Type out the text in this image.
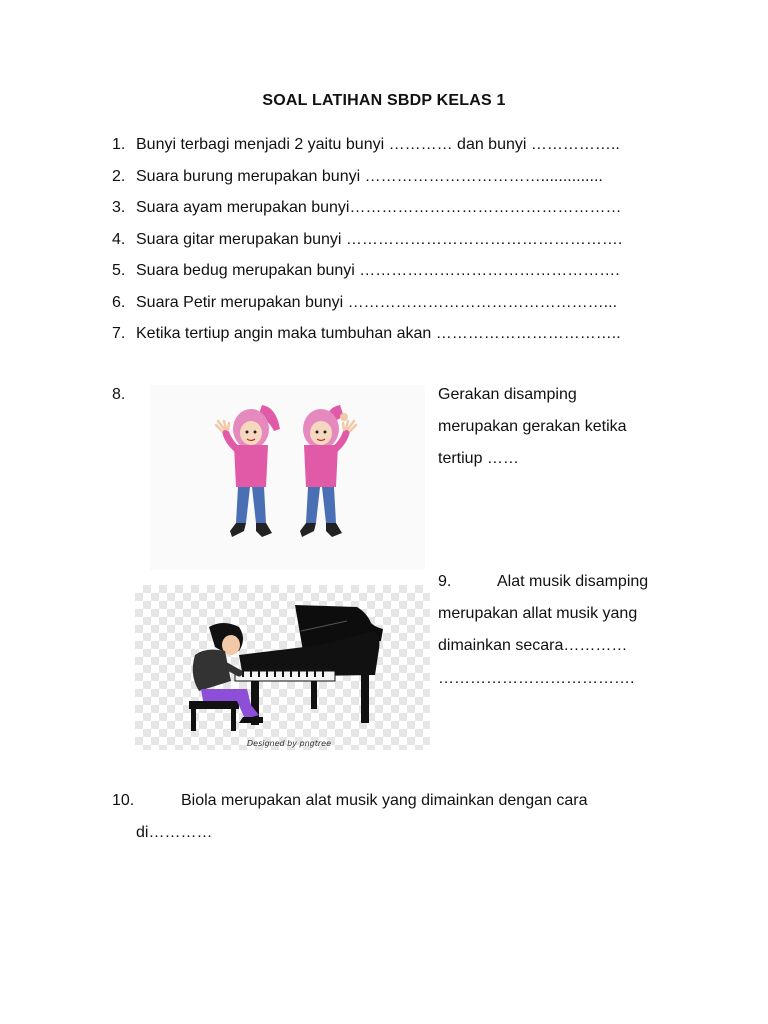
SOAL LATIHAN SBDP KELAS 1
1. Bunyi terbagi menjadi 2 yaitu bunyi ………… dan bunyi ……………..
2. Suara burung merupakan bunyi ……………………………..............
3. Suara ayam merupakan bunyi……………………………………………
4. Suara gitar merupakan bunyi …………………………………………….
5. Suara bedug merupakan bunyi ………………………………………….
6. Suara Petir merupakan bunyi …………………………………………...
7. Ketika tertiup angin maka tumbuhan akan ……………………………..
8.	Gerakan disamping
merupakan gerakan ketika
tertiup ……
Designed by pngtree
9.	Alat musik disamping
merupakan allat musik yang
dimainkan secara…………
……………………………….
10.	Biola merupakan alat musik yang dimainkan dengan cara
di…………
